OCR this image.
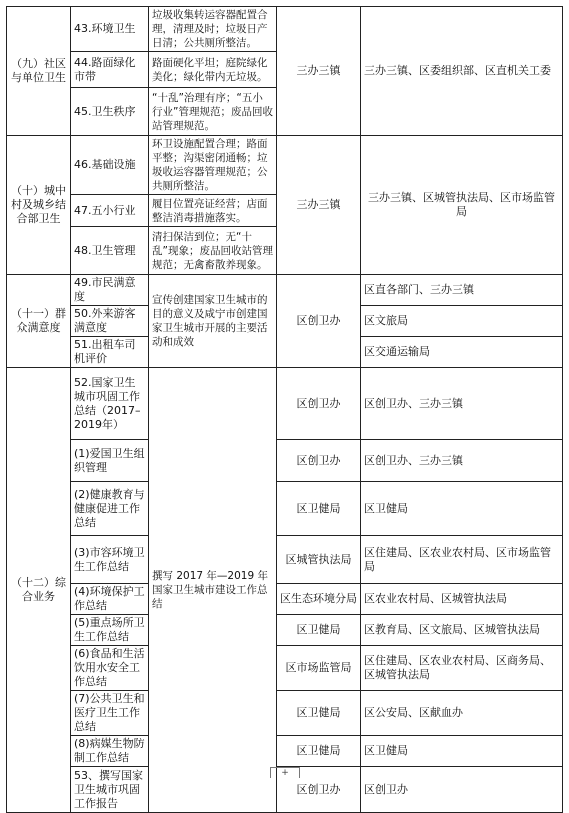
（九）社区与单位卫生	43.环境卫生	垃圾收集转运容器配置合理，清理及时；垃圾日产日清；公共厕所整洁。	三办三镇	三办三镇、区委组织部、区直机关工委
	44.路面绿化市带	路面硬化平坦；庭院绿化美化；绿化带内无垃圾。		
	45.卫生秩序	“十乱”治理有序；“五小行业”管理规范；废品回收站管理规范。		
（十）城中村及城乡结合部卫生	46.基础设施	环卫设施配置合理；路面平整；沟渠密闭通畅；垃圾收运容器管理规范；公共厕所整洁。	三办三镇	三办三镇、区城管执法局、区市场监管局
	47.五小行业	履目位置亮证经营；店面整洁消毒措施落实。		
	48.卫生管理	清扫保洁到位；无“十乱”现象；废品回收站管理规范；无禽畜散养现象。		
（十一）群众满意度	49.市民满意度	宣传创建国家卫生城市的目的意义及咸宁市创建国家卫生城市开展的主要活动和成效	区创卫办	区直各部门、三办三镇
	50.外来游客满意度			区文旅局
	51.出租车司机评价			区交通运输局
（十二）综合业务	52.国家卫生城市巩固工作总结（2017–2019年）	撰写 2017 年—2019 年国家卫生城市建设工作总结	区创卫办	区创卫办、三办三镇
	(1)爱国卫生组织管理		区创卫办	区创卫办、三办三镇
	(2)健康教育与健康促进工作总结		区卫健局	区卫健局
	(3)市容环境卫生工作总结		区城管执法局	区住建局、区农业农村局、区市场监管局
	(4)环境保护工作总结		区生态环境分局	区农业农村局、区城管执法局
	(5)重点场所卫生工作总结		区卫健局	区教育局、区文旅局、区城管执法局
	(6)食品和生活饮用水安全工作总结		区市场监管局	区住建局、区农业农村局、区商务局、区城管执法局
	(7)公共卫生和医疗卫生工作总结		区卫健局	区公安局、区献血办
	(8)病媒生物防制工作总结		区卫健局	区卫健局
	53、撰写国家卫生城市巩固工作报告		区创卫办	区创卫办
+
